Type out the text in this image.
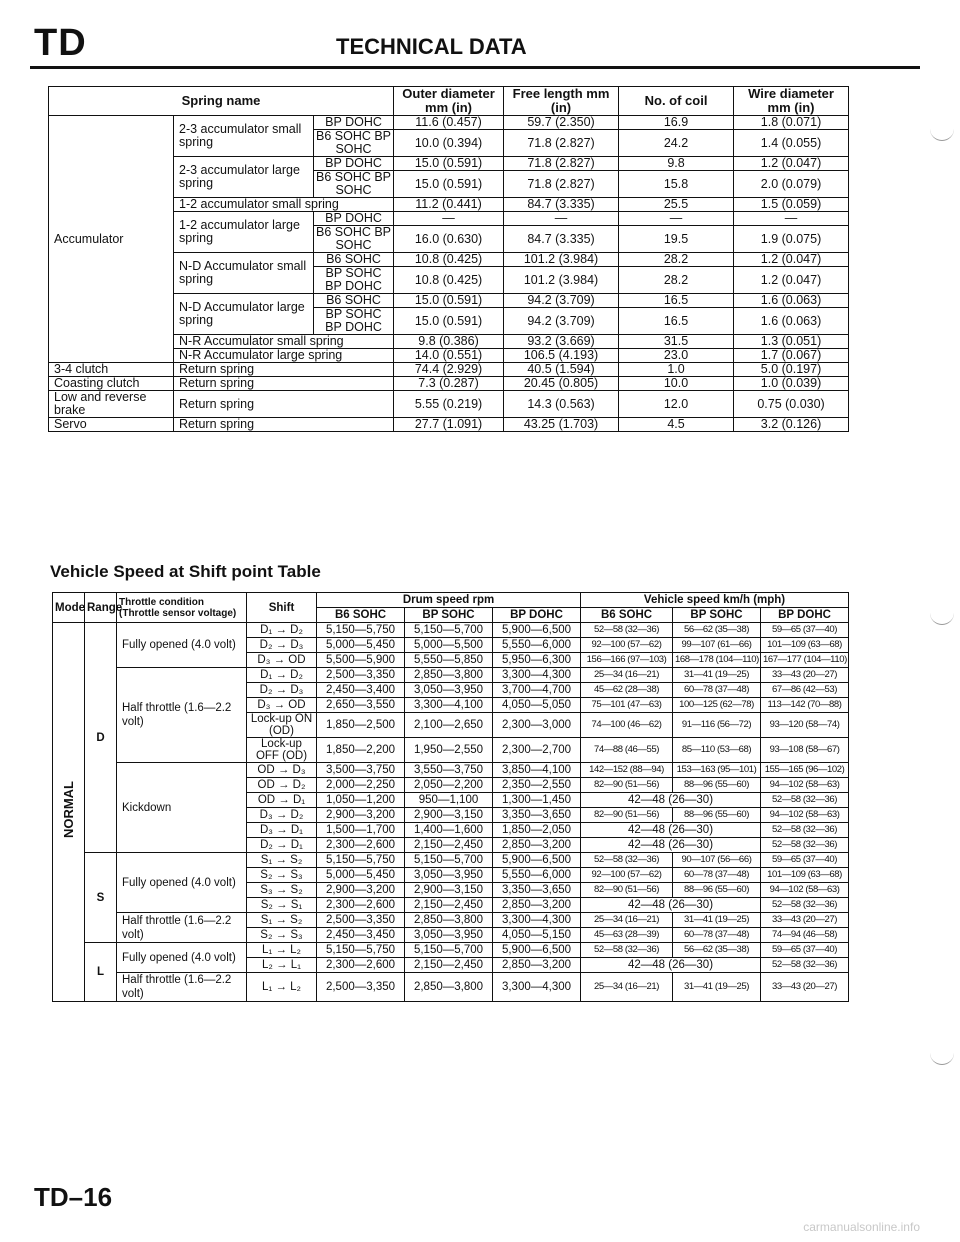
TD	TECHNICAL DATA
Spring name			Outer diameter mm (in)	Free length mm (in)	No. of coil	Wire diameter mm (in)
Accumulator	2-3 accumulator small spring	BP DOHC	11.6 (0.457)	59.7 (2.350)	16.9	1.8 (0.071)
		B6 SOHC BP SOHC	10.0 (0.394)	71.8 (2.827)	24.2	1.4 (0.055)
	2-3 accumulator large spring	BP DOHC	15.0 (0.591)	71.8 (2.827)	9.8	1.2 (0.047)
		B6 SOHC BP SOHC	15.0 (0.591)	71.8 (2.827)	15.8	2.0 (0.079)
	1-2 accumulator small spring		11.2 (0.441)	84.7 (3.335)	25.5	1.5 (0.059)
	1-2 accumulator large spring	BP DOHC	—	—	—	—
		B6 SOHC BP SOHC	16.0 (0.630)	84.7 (3.335)	19.5	1.9 (0.075)
	N-D Accumulator small spring	B6 SOHC	10.8 (0.425)	101.2 (3.984)	28.2	1.2 (0.047)
		BP SOHC BP DOHC	10.8 (0.425)	101.2 (3.984)	28.2	1.2 (0.047)
	N-D Accumulator large spring	B6 SOHC	15.0 (0.591)	94.2 (3.709)	16.5	1.6 (0.063)
		BP SOHC BP DOHC	15.0 (0.591)	94.2 (3.709)	16.5	1.6 (0.063)
	N-R Accumulator small spring		9.8 (0.386)	93.2 (3.669)	31.5	1.3 (0.051)
	N-R Accumulator large spring		14.0 (0.551)	106.5 (4.193)	23.0	1.7 (0.067)
3-4 clutch	Return spring		74.4 (2.929)	40.5 (1.594)	1.0	5.0 (0.197)
Coasting clutch	Return spring		7.3 (0.287)	20.45 (0.805)	10.0	1.0 (0.039)
Low and reverse brake	Return spring		5.55 (0.219)	14.3 (0.563)	12.0	0.75 (0.030)
Servo	Return spring		27.7 (1.091)	43.25 (1.703)	4.5	3.2 (0.126)
Vehicle Speed at Shift point Table
Mode	Range	Throttle condition (Throttle sensor voltage)	Shift	Drum speed rpm			Vehicle speed km/h (mph)		
				B6 SOHC	BP SOHC	BP DOHC	B6 SOHC	BP SOHC	BP DOHC
NORMAL	D	Fully opened (4.0 volt)	D₁ → D₂	5,150—5,750	5,150—5,700	5,900—6,500	52—58 (32—36)	56—62 (35—38)	59—65 (37—40)
			D₂ → D₃	5,000—5,450	5,000—5,500	5,550—6,000	92—100 (57—62)	99—107 (61—66)	101—109 (63—68)
			D₃ → OD	5,500—5,900	5,550—5,850	5,950—6,300	156—166 (97—103)	168—178 (104—110)	167—177 (104—110)
		Half throttle (1.6—2.2 volt)	D₁ → D₂	2,500—3,350	2,850—3,800	3,300—4,300	25—34 (16—21)	31—41 (19—25)	33—43 (20—27)
			D₂ → D₃	2,450—3,400	3,050—3,950	3,700—4,700	45—62 (28—38)	60—78 (37—48)	67—86 (42—53)
			D₃ → OD	2,650—3,550	3,300—4,100	4,050—5,050	75—101 (47—63)	100—125 (62—78)	113—142 (70—88)
			Lock-up ON (OD)	1,850—2,500	2,100—2,650	2,300—3,000	74—100 (46—62)	91—116 (56—72)	93—120 (58—74)
			Lock-up OFF (OD)	1,850—2,200	1,950—2,550	2,300—2,700	74—88 (46—55)	85—110 (53—68)	93—108 (58—67)
		Kickdown	OD → D₃	3,500—3,750	3,550—3,750	3,850—4,100	142—152 (88—94)	153—163 (95—101)	155—165 (96—102)
			OD → D₂	2,000—2,250	2,050—2,200	2,350—2,550	82—90 (51—56)	88—96 (55—60)	94—102 (58—63)
			OD → D₁	1,050—1,200	950—1,100	1,300—1,450	42—48 (26—30)		52—58 (32—36)
			D₃ → D₂	2,900—3,200	2,900—3,150	3,350—3,650	82—90 (51—56)	88—96 (55—60)	94—102 (58—63)
			D₃ → D₁	1,500—1,700	1,400—1,600	1,850—2,050	42—48 (26—30)		52—58 (32—36)
			D₂ → D₁	2,300—2,600	2,150—2,450	2,850—3,200	42—48 (26—30)		52—58 (32—36)
	S	Fully opened (4.0 volt)	S₁ → S₂	5,150—5,750	5,150—5,700	5,900—6,500	52—58 (32—36)	90—107 (56—66)	59—65 (37—40)
			S₂ → S₃	5,000—5,450	3,050—3,950	5,550—6,000	92—100 (57—62)	60—78 (37—48)	101—109 (63—68)
			S₃ → S₂	2,900—3,200	2,900—3,150	3,350—3,650	82—90 (51—56)	88—96 (55—60)	94—102 (58—63)
			S₂ → S₁	2,300—2,600	2,150—2,450	2,850—3,200	42—48 (26—30)		52—58 (32—36)
		Half throttle (1.6—2.2 volt)	S₁ → S₂	2,500—3,350	2,850—3,800	3,300—4,300	25—34 (16—21)	31—41 (19—25)	33—43 (20—27)
			S₂ → S₃	2,450—3,450	3,050—3,950	4,050—5,150	45—63 (28—39)	60—78 (37—48)	74—94 (46—58)
	L	Fully opened (4.0 volt)	L₁ → L₂	5,150—5,750	5,150—5,700	5,900—6,500	52—58 (32—36)	56—62 (35—38)	59—65 (37—40)
			L₂ → L₁	2,300—2,600	2,150—2,450	2,850—3,200	42—48 (26—30)		52—58 (32—36)
		Half throttle (1.6—2.2 volt)	L₁ → L₂	2,500—3,350	2,850—3,800	3,300—4,300	25—34 (16—21)	31—41 (19—25)	33—43 (20—27)
TD–16
carmanualsonline.info
